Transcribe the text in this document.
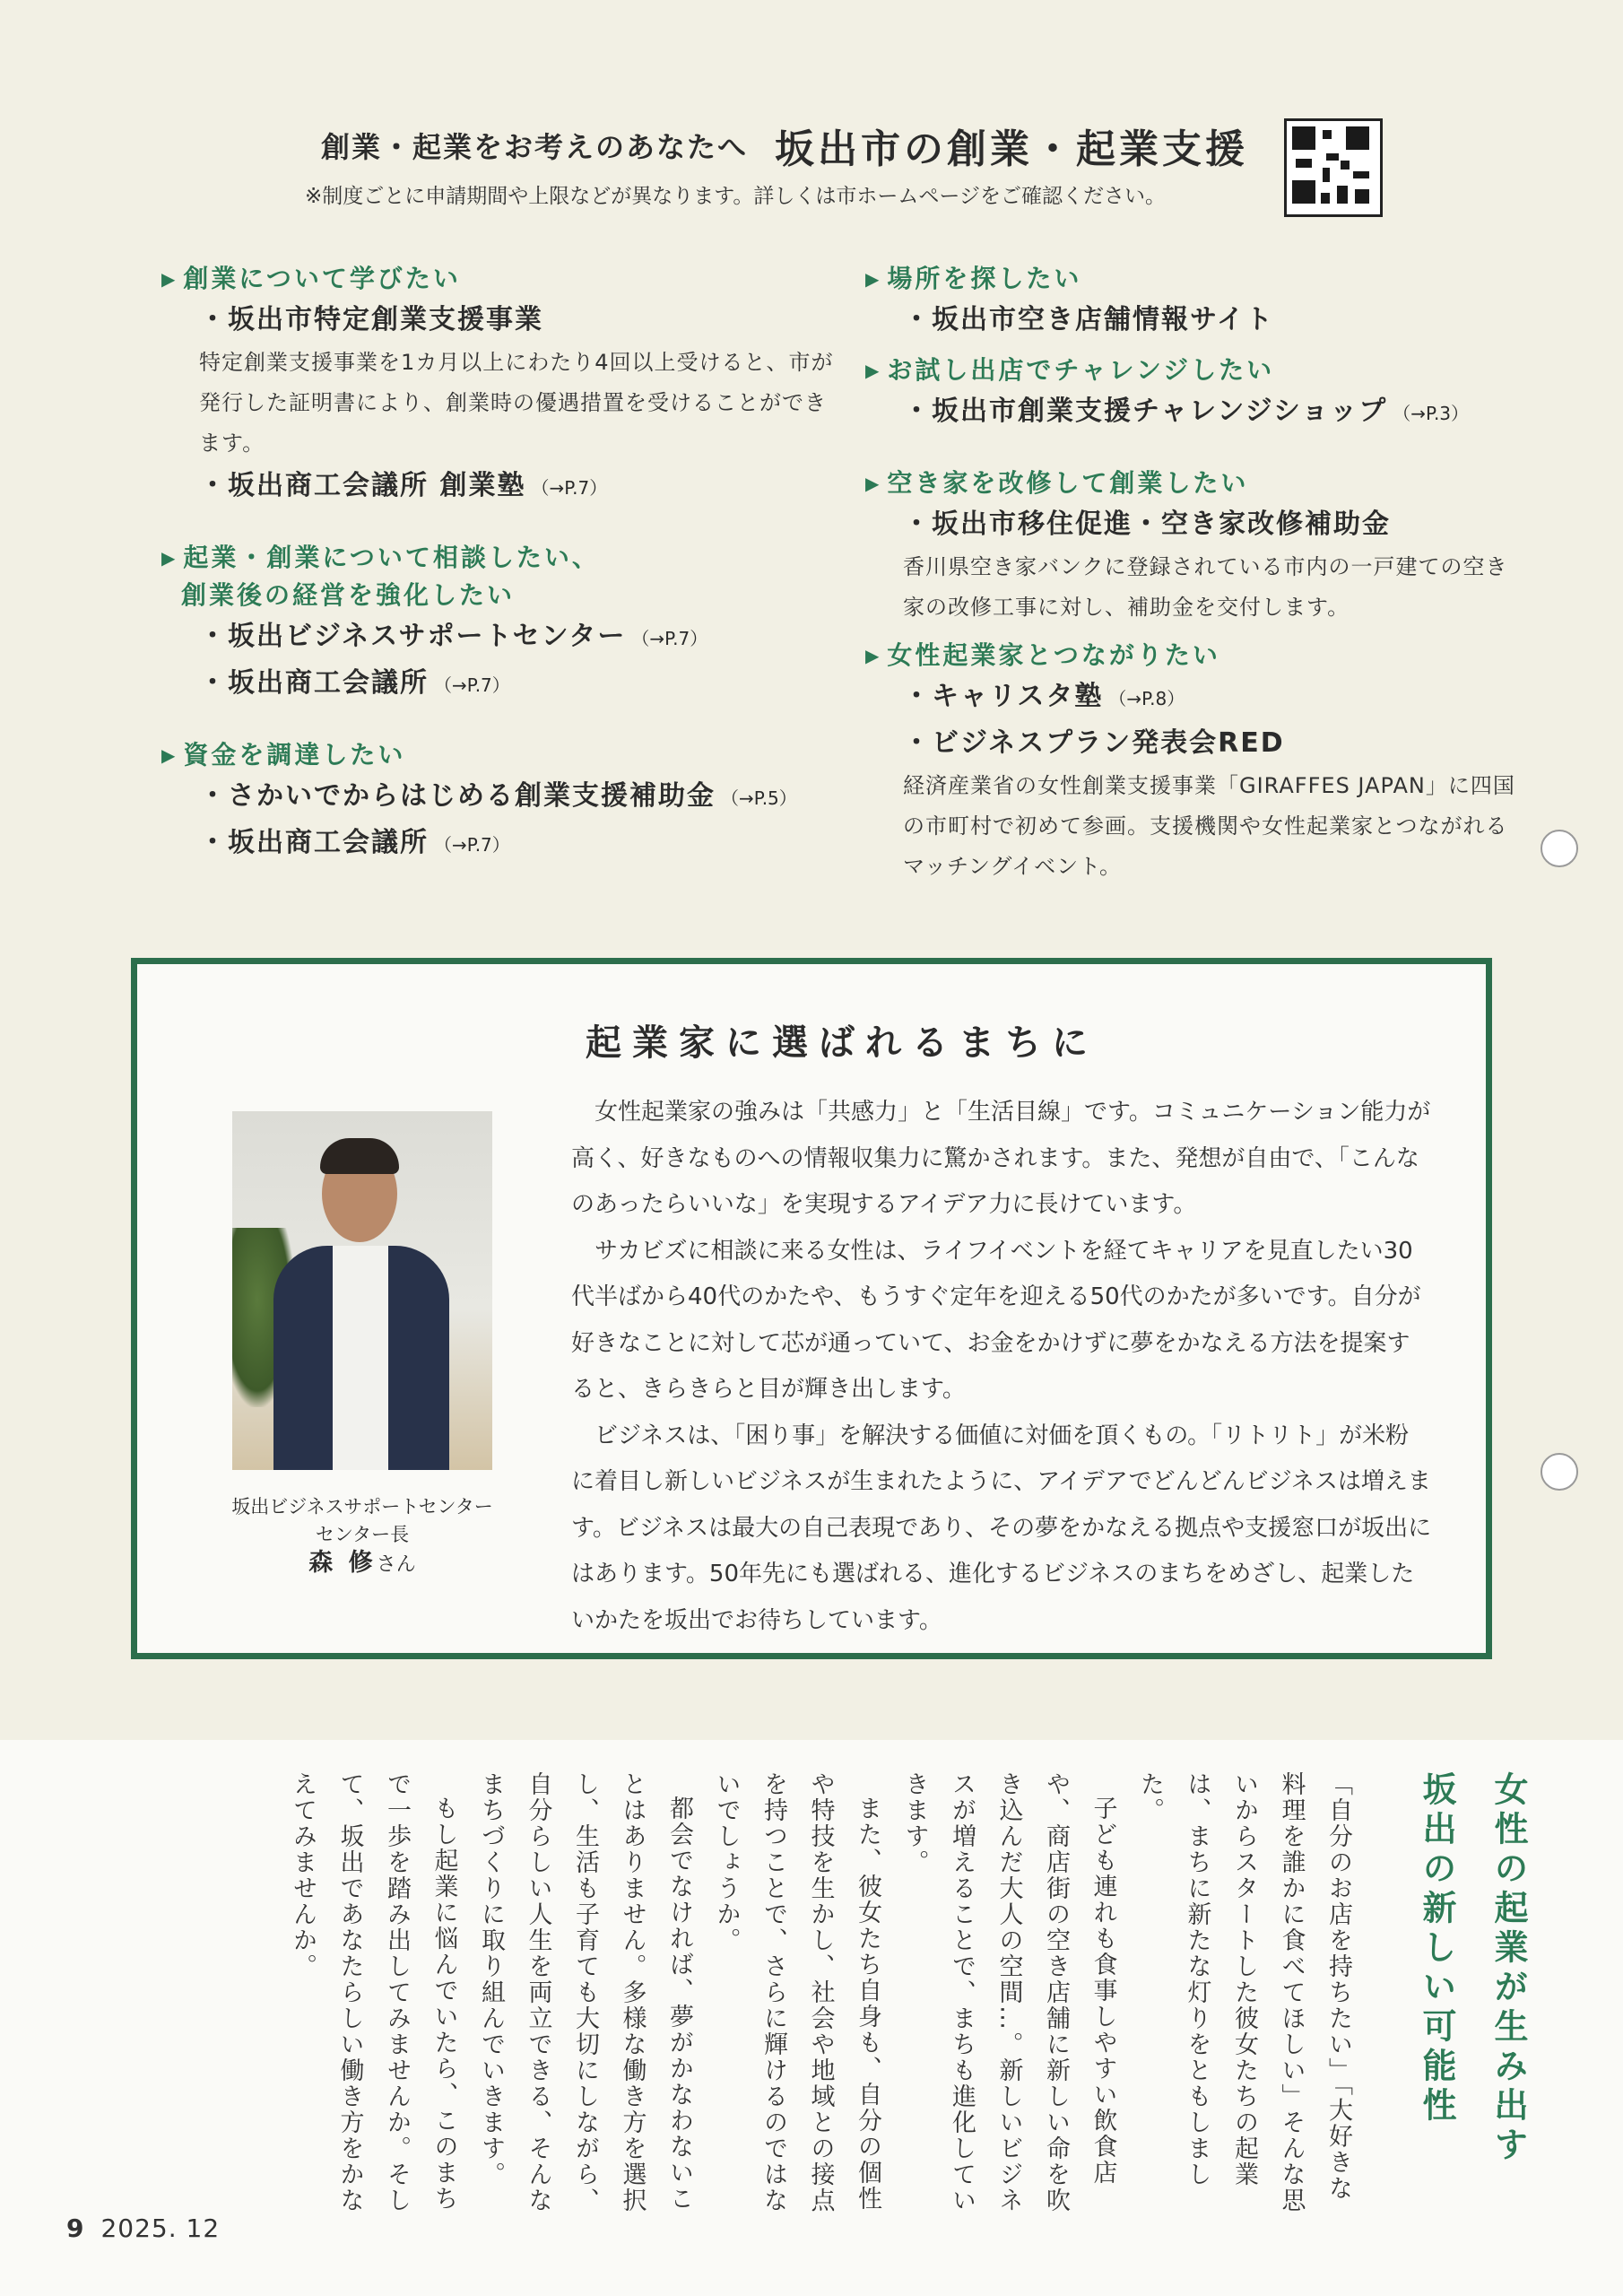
創業・起業をお考えのあなたへ 坂出市の創業・起業支援
※制度ごとに申請期間や上限などが異なります。詳しくは市ホームページをご確認ください。
▶ 創業について学びたい
・坂出市特定創業支援事業
特定創業支援事業を1カ月以上にわたり4回以上受けると、市が発行した証明書により、創業時の優遇措置を受けることができます。
・坂出商工会議所 創業塾 （→P.7）
▶ 起業・創業について相談したい、
創業後の経営を強化したい
・坂出ビジネスサポートセンター （→P.7）
・坂出商工会議所 （→P.7）
▶ 資金を調達したい
・さかいでからはじめる創業支援補助金 （→P.5）
・坂出商工会議所 （→P.7）
▶ 場所を探したい
・坂出市空き店舗情報サイト
▶ お試し出店でチャレンジしたい
・坂出市創業支援チャレンジショップ （→P.3）
▶ 空き家を改修して創業したい
・坂出市移住促進・空き家改修補助金
香川県空き家バンクに登録されている市内の一戸建ての空き家の改修工事に対し、補助金を交付します。
▶ 女性起業家とつながりたい
・キャリスタ塾 （→P.8）
・ビジネスプラン発表会RED
経済産業省の女性創業支援事業「GIRAFFES JAPAN」に四国の市町村で初めて参画。支援機関や女性起業家とつながれるマッチングイベント。
起業家に選ばれるまちに
坂出ビジネスサポートセンター
センター長
森 修さん

女性起業家の強みは「共感力」と「生活目線」です。コミュニケーション能力が高く、好きなものへの情報収集力に驚かされます。また、発想が自由で、「こんなのあったらいいな」を実現するアイデア力に長けています。

サカビズに相談に来る女性は、ライフイベントを経てキャリアを見直したい30代半ばから40代のかたや、もうすぐ定年を迎える50代のかたが多いです。自分が好きなことに対して芯が通っていて、お金をかけずに夢をかなえる方法を提案すると、きらきらと目が輝き出します。

ビジネスは、「困り事」を解決する価値に対価を頂くもの。「リトリト」が米粉に着目し新しいビジネスが生まれたように、アイデアでどんどんビジネスは増えます。ビジネスは最大の自己表現であり、その夢をかなえる拠点や支援窓口が坂出にはあります。50年先にも選ばれる、進化するビジネスのまちをめざし、起業したいかたを坂出でお待ちしています。

女性の起業が生み出す
坂出の新しい可能性

「自分のお店を持ちたい」「大好きな料理を誰かに食べてほしい」そんな思いからスタートした彼女たちの起業は、まちに新たな灯りをともしました。

子ども連れも食事しやすい飲食店や、商店街の空き店舗に新しい命を吹き込んだ大人の空間…。新しいビジネスが増えることで、まちも進化していきます。

また、彼女たち自身も、自分の個性や特技を生かし、社会や地域との接点を持つことで、さらに輝けるのではないでしょうか。

都会でなければ、夢がかなわないことはありません。多様な働き方を選択し、生活も子育ても大切にしながら、自分らしい人生を両立できる、そんなまちづくりに取り組んでいきます。

もし起業に悩んでいたら、このまちで一歩を踏み出してみませんか。そして、坂出であなたらしい働き方をかなえてみませんか。

9 2025. 12
